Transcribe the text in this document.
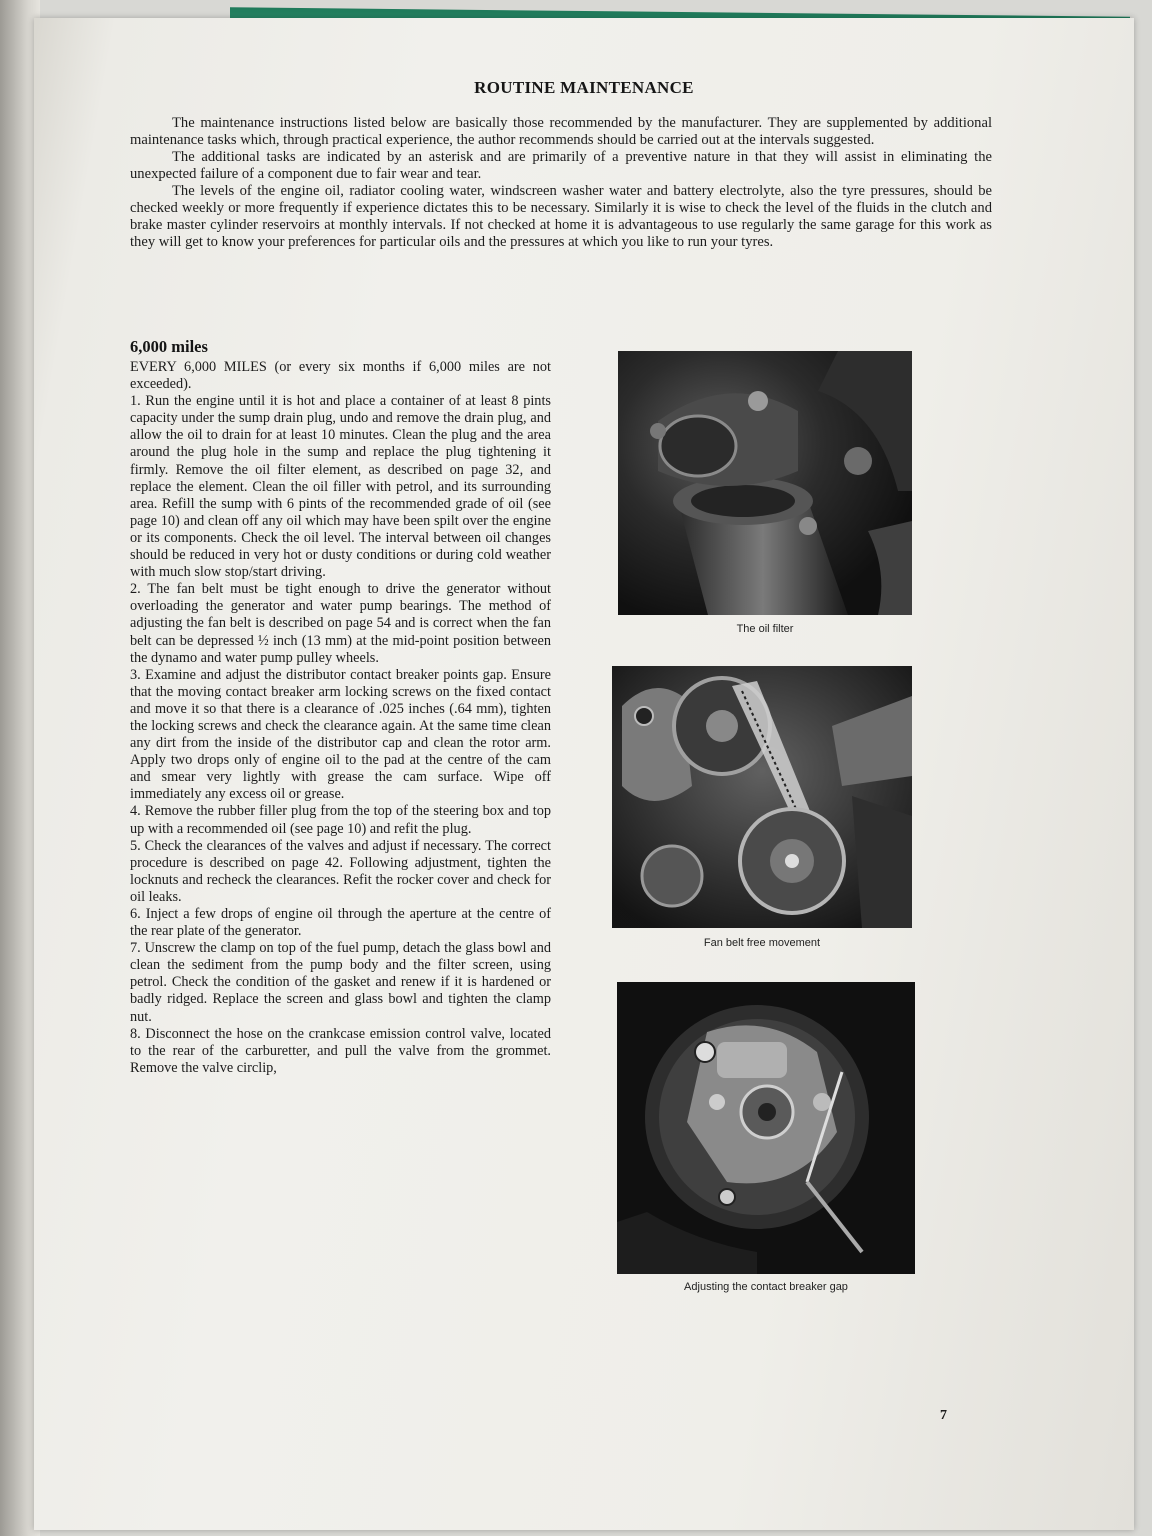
ROUTINE MAINTENANCE

The maintenance instructions listed below are basically those recommended by the manufacturer. They are supplemented by additional maintenance tasks which, through practical experience, the author recommends should be carried out at the intervals suggested.

The additional tasks are indicated by an asterisk and are primarily of a preventive nature in that they will assist in eliminating the unexpected failure of a component due to fair wear and tear.

The levels of the engine oil, radiator cooling water, windscreen washer water and battery electrolyte, also the tyre pressures, should be checked weekly or more frequently if experience dictates this to be necessary. Similarly it is wise to check the level of the fluids in the clutch and brake master cylinder reservoirs at monthly intervals. If not checked at home it is advantageous to use regularly the same garage for this work as they will get to know your preferences for particular oils and the pressures at which you like to run your tyres.

6,000 miles

EVERY 6,000 MILES (or every six months if 6,000 miles are not exceeded).

1. Run the engine until it is hot and place a container of at least 8 pints capacity under the sump drain plug, undo and remove the drain plug, and allow the oil to drain for at least 10 minutes. Clean the plug and the area around the plug hole in the sump and replace the plug tightening it firmly. Remove the oil filter element, as described on page 32, and replace the element. Clean the oil filler with petrol, and its surrounding area. Refill the sump with 6 pints of the recommended grade of oil (see page 10) and clean off any oil which may have been spilt over the engine or its components. Check the oil level. The interval between oil changes should be reduced in very hot or dusty conditions or during cold weather with much slow stop/start driving.

2. The fan belt must be tight enough to drive the generator without overloading the generator and water pump bearings. The method of adjusting the fan belt is described on page 54 and is correct when the fan belt can be depressed ½ inch (13 mm) at the mid-point position between the dynamo and water pump pulley wheels.

3. Examine and adjust the distributor contact breaker points gap. Ensure that the moving contact breaker arm locking screws on the fixed contact and move it so that there is a clearance of .025 inches (.64 mm), tighten the locking screws and check the clearance again. At the same time clean any dirt from the inside of the distributor cap and clean the rotor arm. Apply two drops only of engine oil to the pad at the centre of the cam and smear very lightly with grease the cam surface. Wipe off immediately any excess oil or grease.

4. Remove the rubber filler plug from the top of the steering box and top up with a recommended oil (see page 10) and refit the plug.

5. Check the clearances of the valves and adjust if necessary. The correct procedure is described on page 42. Following adjustment, tighten the locknuts and recheck the clearances. Refit the rocker cover and check for oil leaks.

6. Inject a few drops of engine oil through the aperture at the centre of the rear plate of the generator.

7. Unscrew the clamp on top of the fuel pump, detach the glass bowl and clean the sediment from the pump body and the filter screen, using petrol. Check the condition of the gasket and renew if it is hardened or badly ridged. Replace the screen and glass bowl and tighten the clamp nut.

8. Disconnect the hose on the crankcase emission control valve, located to the rear of the carburetter, and pull the valve from the grommet. Remove the valve circlip,

The oil filter
Fan belt free movement
Adjusting the contact breaker gap
7
